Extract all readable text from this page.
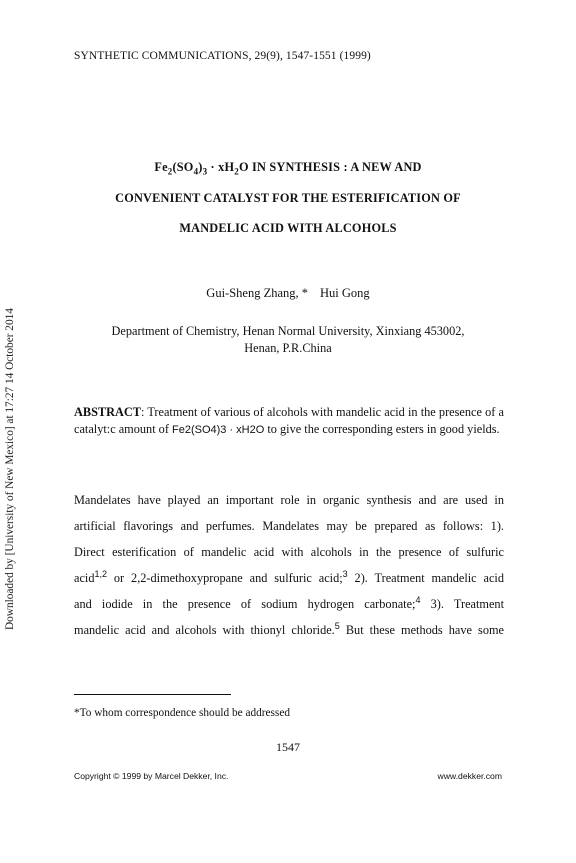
SYNTHETIC COMMUNICATIONS, 29(9), 1547-1551 (1999)
Downloaded by [University of New Mexico] at 17:27 14 October 2014
$Fe_2(SO_4)_3 \cdot xH_2O$ IN SYNTHESIS : A NEW AND
CONVENIENT CATALYST FOR THE ESTERIFICATION OF
MANDELIC ACID WITH ALCOHOLS
Gui-Sheng Zhang, * Hui Gong
Department of Chemistry, Henan Normal University, Xinxiang 453002,
Henan, P.R.China
ABSTRACT: Treatment of various of alcohols with mandelic acid in the presence of a catalyt:c amount of Fe2(SO4)3 · xH2O to give the corresponding esters in good yields.
Mandelates have played an important role in organic synthesis and are used in
artificial flavorings and perfumes. Mandelates may be prepared as follows: 1).
Direct esterification of mandelic acid with alcohols in the presence of sulfuric
acid$^{1,2}$ or 2,2-dimethoxypropane and sulfuric acid;$^3$ 2). Treatment mandelic acid
and iodide in the presence of sodium hydrogen carbonate;$^4$ 3). Treatment
mandelic acid and alcohols with thionyl chloride.$^5$ But these methods have some
*To whom correspondence should be addressed
1547
Copyright © 1999 by Marcel Dekker, Inc.	www.dekker.com
